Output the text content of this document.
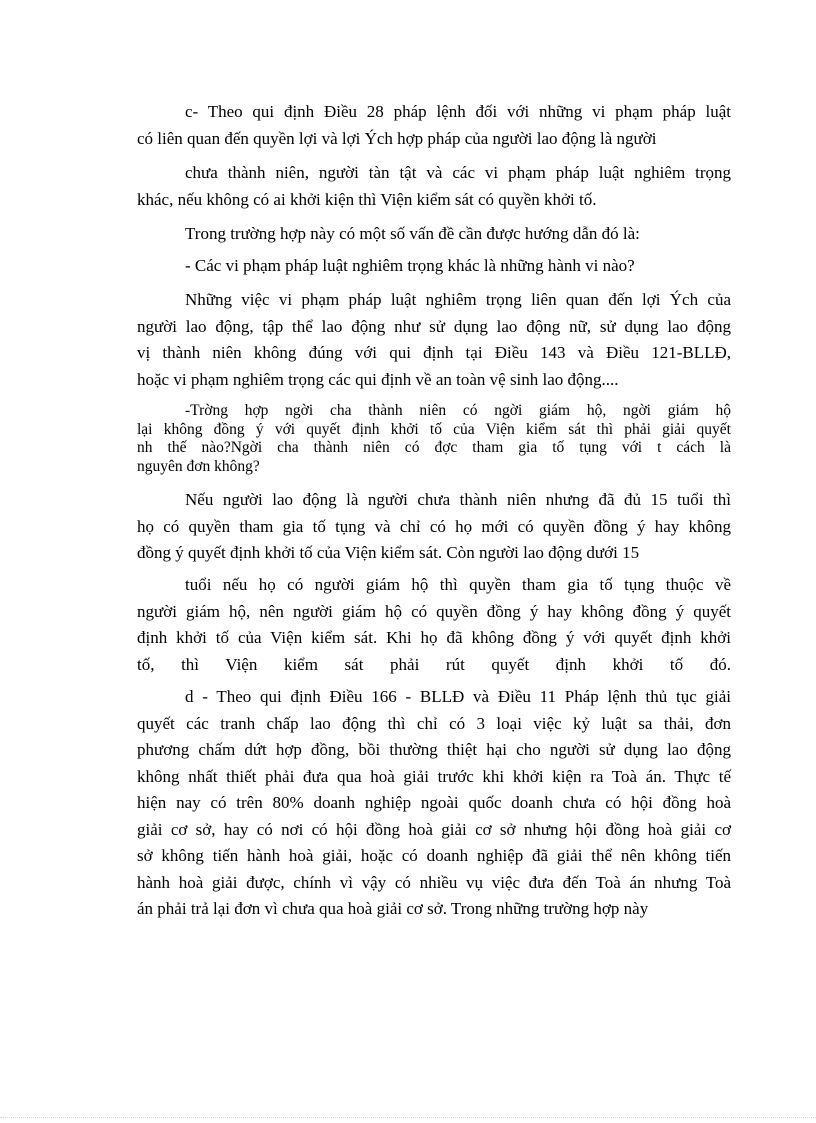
c- Theo qui định Điều 28 pháp lệnh đối với những vi phạm pháp luật
có liên quan đến quyền lợi và lợi Ých hợp pháp của người lao động là người
chưa thành niên, người tàn tật và các vi phạm pháp luật nghiêm trọng
khác, nếu không có ai khởi kiện thì Viện kiểm sát có quyền khởi tố.
Trong trường hợp này có một số vấn đề cần được hướng dẫn đó là:
- Các vi phạm pháp luật nghiêm trọng khác là những hành vi nào?
Những việc vi phạm pháp luật nghiêm trọng liên quan đến lợi Ých của
người lao động, tập thể lao động như sử dụng lao động nữ, sử dụng lao động
vị thành niên không đúng với qui định tại Điều 143 và Điều 121-BLLĐ,
hoặc vi phạm nghiêm trọng các qui định về an toàn vệ sinh lao động....
-Trờng hợp ngời cha thành niên có ngời giám hộ, ngời giám hộ
lại không đồng ý với quyết định khởi tố của Viện kiểm sát thì phải giải quyết
nh thế nào?Ngời cha thành niên có đợc tham gia tố tụng với t cách là
nguyên đơn không?
Nếu người lao động là người chưa thành niên nhưng đã đủ 15 tuổi thì
họ có quyền tham gia tố tụng và chỉ có họ mới có quyền đồng ý hay không
đồng ý quyết định khởi tố của Viện kiểm sát. Còn người lao động dưới 15
tuổi nếu họ có người giám hộ thì quyền tham gia tố tụng thuộc về
người giám hộ, nên người giám hộ có quyền đồng ý hay không đồng ý quyết
định khởi tố của Viện kiểm sát. Khi họ đã không đồng ý với quyết định khởi
tố, thì Viện kiểm sát phải rút quyết định khởi tố đó.
d - Theo qui định Điều 166 - BLLĐ và Điều 11 Pháp lệnh thủ tục giải
quyết các tranh chấp lao động thì chỉ có 3 loại việc kỷ luật sa thải, đơn
phương chấm dứt hợp đồng, bồi thường thiệt hại cho người sử dụng lao động
không nhất thiết phải đưa qua hoà giải trước khi khởi kiện ra Toà án. Thực tế
hiện nay có trên 80% doanh nghiệp ngoài quốc doanh chưa có hội đồng hoà
giải cơ sở, hay có nơi có hội đồng hoà giải cơ sở nhưng hội đồng hoà giải cơ
sở không tiến hành hoà giải, hoặc có doanh nghiệp đã giải thể nên không tiến
hành hoà giải được, chính vì vậy có nhiều vụ việc đưa đến Toà án nhưng Toà
án phải trả lại đơn vì chưa qua hoà giải cơ sở. Trong những trường hợp này
